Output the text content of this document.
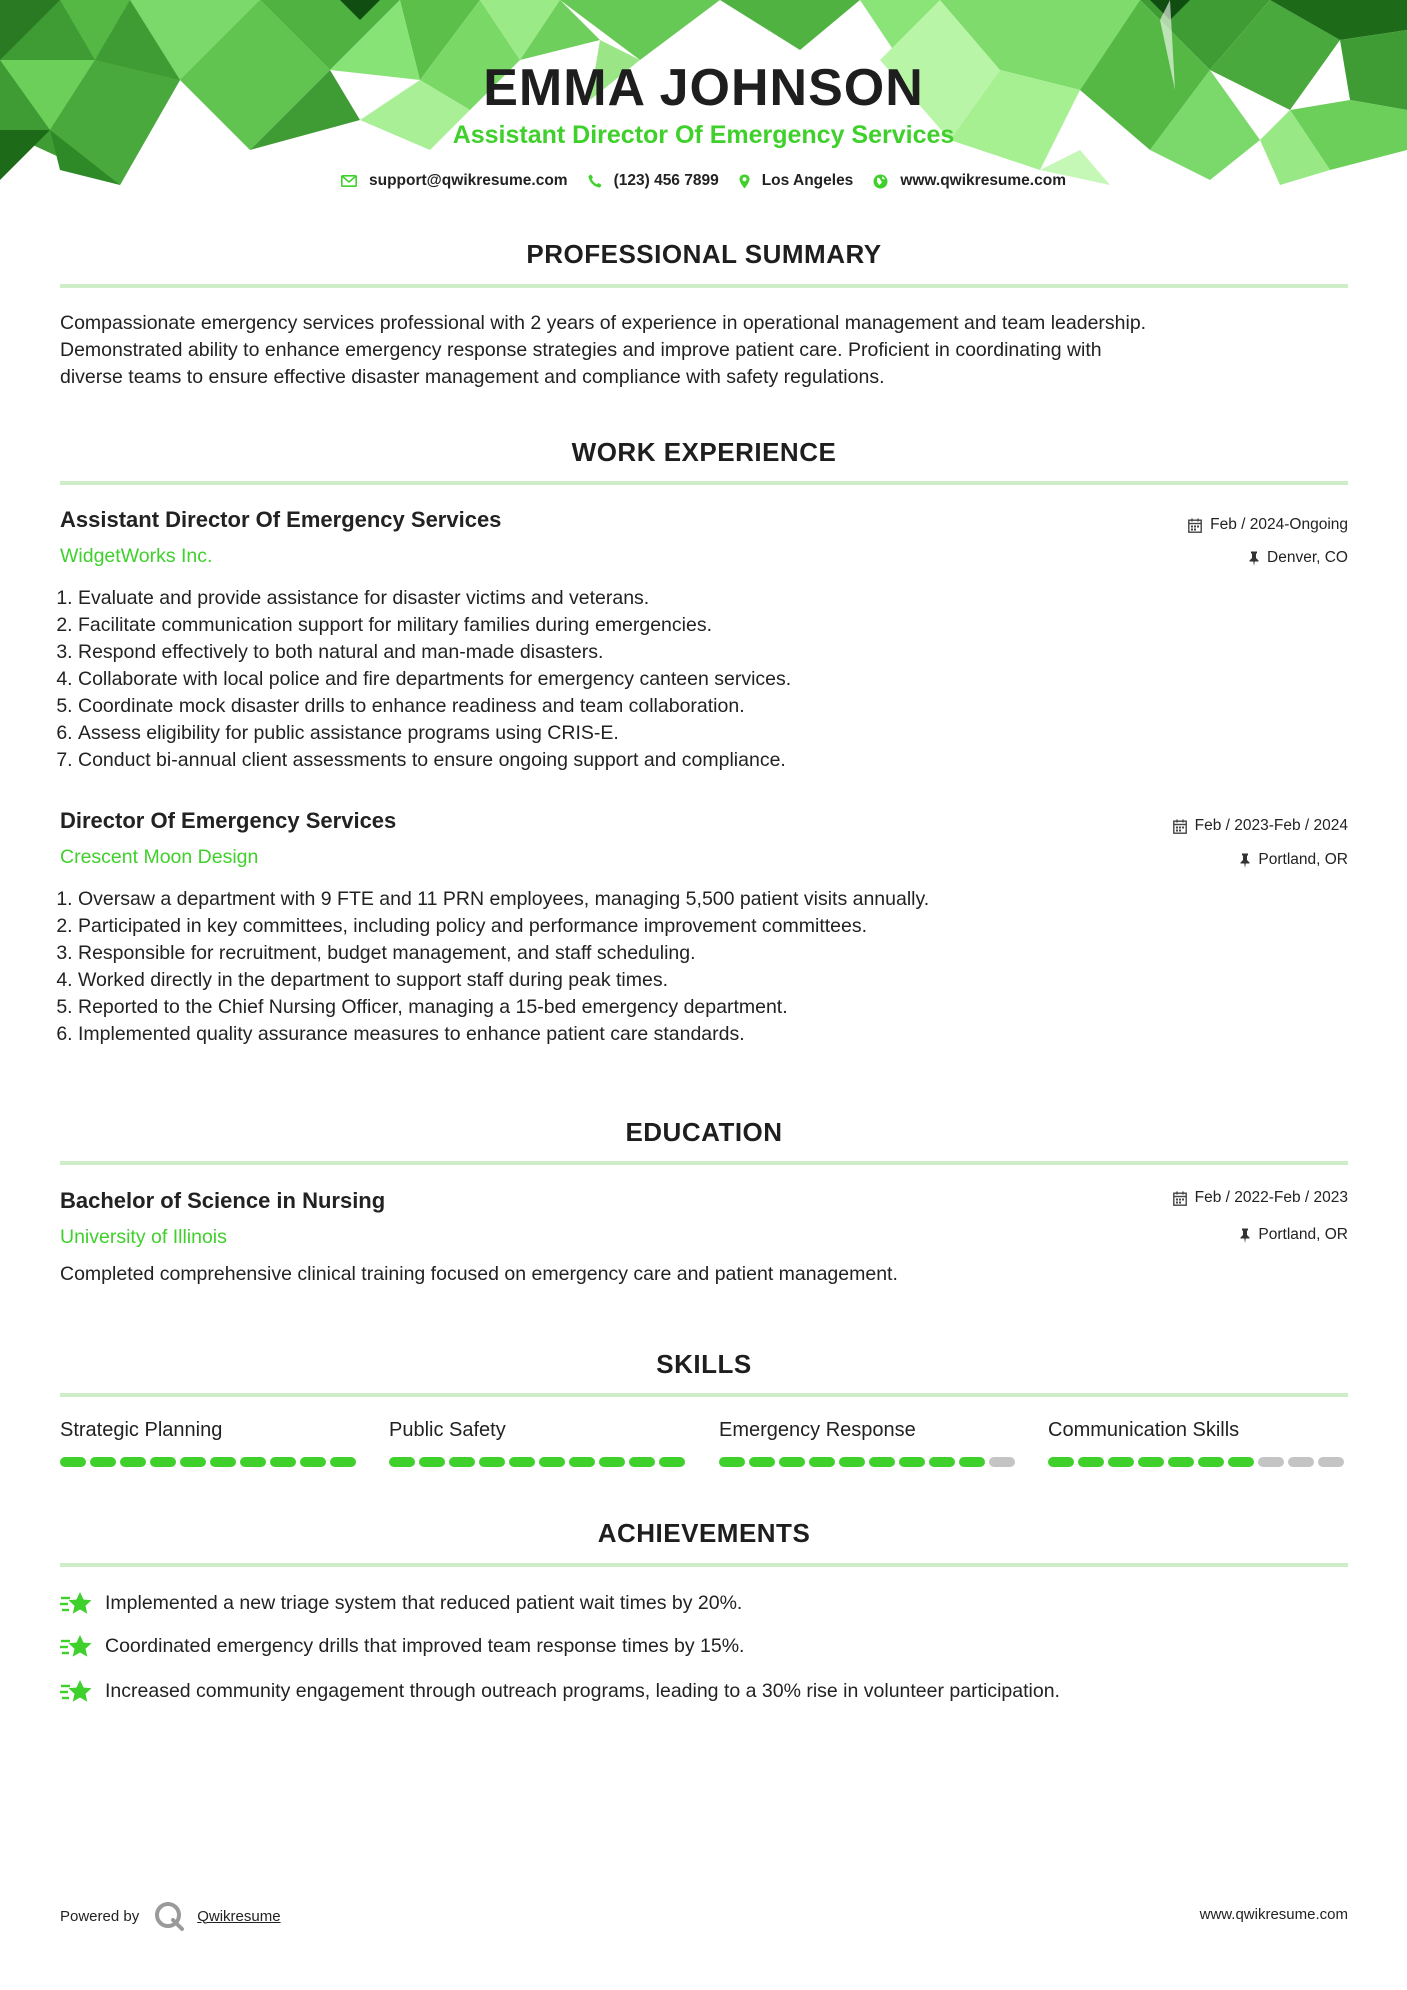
EMMA JOHNSON
Assistant Director Of Emergency Services
support@qwikresume.com	(123) 456 7899	Los Angeles	www.qwikresume.com
PROFESSIONAL SUMMARY
Compassionate emergency services professional with 2 years of experience in operational management and team leadership.
Demonstrated ability to enhance emergency response strategies and improve patient care. Proficient in coordinating with
diverse teams to ensure effective disaster management and compliance with safety regulations.
WORK EXPERIENCE
Assistant Director Of Emergency Services	Feb / 2024-Ongoing
WidgetWorks Inc.	Denver, CO
1. Evaluate and provide assistance for disaster victims and veterans.
2. Facilitate communication support for military families during emergencies.
3. Respond effectively to both natural and man-made disasters.
4. Collaborate with local police and fire departments for emergency canteen services.
5. Coordinate mock disaster drills to enhance readiness and team collaboration.
6. Assess eligibility for public assistance programs using CRIS-E.
7. Conduct bi-annual client assessments to ensure ongoing support and compliance.
Director Of Emergency Services	Feb / 2023-Feb / 2024
Crescent Moon Design	Portland, OR
1. Oversaw a department with 9 FTE and 11 PRN employees, managing 5,500 patient visits annually.
2. Participated in key committees, including policy and performance improvement committees.
3. Responsible for recruitment, budget management, and staff scheduling.
4. Worked directly in the department to support staff during peak times.
5. Reported to the Chief Nursing Officer, managing a 15-bed emergency department.
6. Implemented quality assurance measures to enhance patient care standards.
EDUCATION
Bachelor of Science in Nursing	Feb / 2022-Feb / 2023
University of Illinois	Portland, OR
Completed comprehensive clinical training focused on emergency care and patient management.
SKILLS
Strategic Planning	Public Safety	Emergency Response	Communication Skills
ACHIEVEMENTS
Implemented a new triage system that reduced patient wait times by 20%.
Coordinated emergency drills that improved team response times by 15%.
Increased community engagement through outreach programs, leading to a 30% rise in volunteer participation.
Powered by	Qwikresume	www.qwikresume.com
